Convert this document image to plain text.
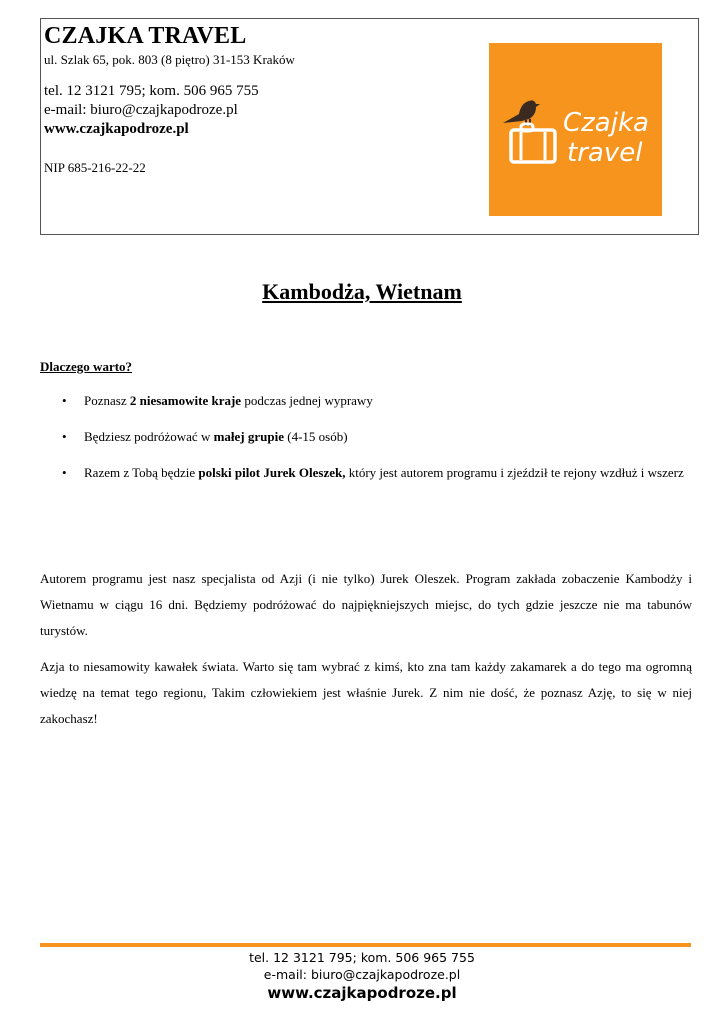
CZAJKA TRAVEL
ul. Szlak 65, pok. 803 (8 piętro) 31-153 Kraków
tel. 12 3121 795; kom. 506 965 755
e-mail: biuro@czajkapodroze.pl
www.czajkapodroze.pl
NIP 685-216-22-22
Czajka
travel
Kambodża, Wietnam
Dlaczego warto?
• Poznasz 2 niesamowite kraje podczas jednej wyprawy
• Będziesz podróżować w małej grupie (4-15 osób)
• Razem z Tobą będzie polski pilot Jurek Oleszek, który jest autorem programu i zjeździł te rejony wzdłuż i wszerz

Autorem programu jest nasz specjalista od Azji (i nie tylko) Jurek Oleszek. Program zakłada zobaczenie Kambodży i Wietnamu w ciągu 16 dni. Będziemy podróżować do najpiękniejszych miejsc, do tych gdzie jeszcze nie ma tabunów turystów.

Azja to niesamowity kawałek świata. Warto się tam wybrać z kimś, kto zna tam każdy zakamarek a do tego ma ogromną wiedzę na temat tego regionu, Takim człowiekiem jest właśnie Jurek. Z nim nie dość, że poznasz Azję, to się w niej zakochasz!

tel. 12 3121 795; kom. 506 965 755
e-mail: biuro@czajkapodroze.pl
www.czajkapodroze.pl
